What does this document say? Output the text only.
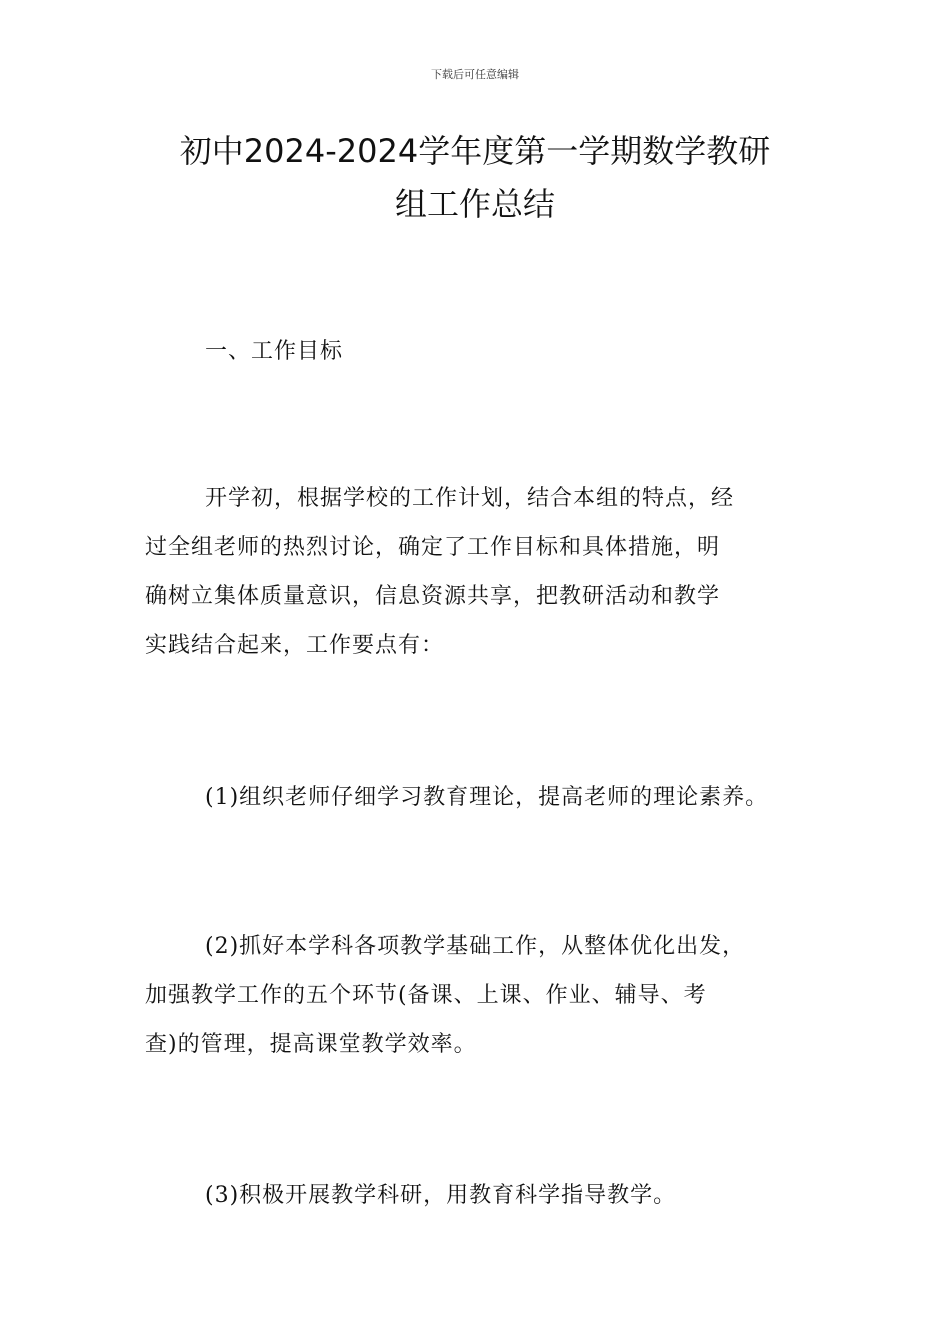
下载后可任意编辑
初中2024-2024学年度第一学期数学教研
组工作总结

一、工作目标

开学初，根据学校的工作计划，结合本组的特点，经
过全组老师的热烈讨论，确定了工作目标和具体措施，明
确树立集体质量意识，信息资源共享，把教研活动和教学
实践结合起来，工作要点有：

(1)组织老师仔细学习教育理论，提高老师的理论素养。

(2)抓好本学科各项教学基础工作，从整体优化出发，
加强教学工作的五个环节(备课、上课、作业、辅导、考
查)的管理，提高课堂教学效率。

(3)积极开展教学科研，用教育科学指导教学。
